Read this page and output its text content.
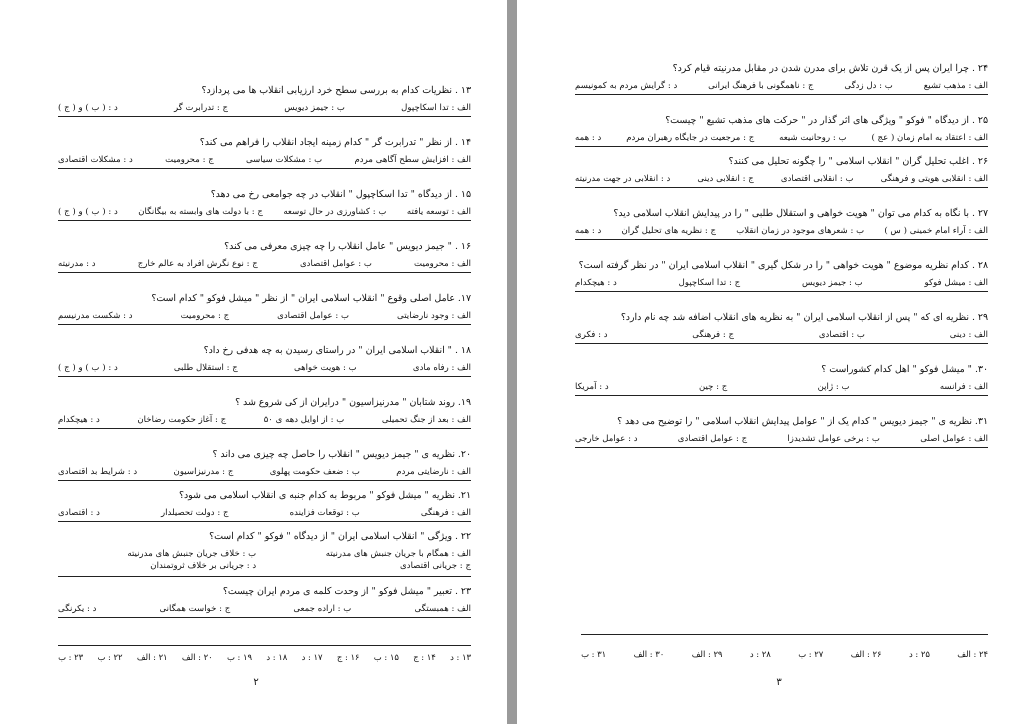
۱۳ . نظریات کدام به بررسی سطح خرد ارزیابی انقلاب ها می پردازد؟
الف : تدا اسکاچپول
ب : جیمز دیویس
ج : تدرابرت گر
د : ( ب ) و ( ج )
۱۴ . از نظر " تدرابرت گر " کدام زمینه ایجاد انقلاب را فراهم می کند؟
الف : افزایش سطح آگاهی مردم
ب : مشکلات سیاسی
ج : محرومیت
د : مشکلات اقتصادی
۱۵ . از دیدگاه " تدا اسکاچپول " انقلاب در چه جوامعی رخ می دهد؟
الف : توسعه یافته
ب : کشاورزی در حال توسعه
ج : با دولت های وابسته به بیگانگان
د : ( ب ) و ( ج )
۱۶ . " جیمز دیویس " عامل انقلاب را چه چیزی معرفی می کند؟
الف : محرومیت
ب : عوامل اقتصادی
ج : نوع نگرش افراد به عالم خارج
د : مدرنیته
۱۷. عامل اصلی وقوع " انقلاب اسلامی ایران " از نظر " میشل فوکو " کدام است؟
الف : وجود نارضایتی
ب : عوامل اقتصادی
ج : محرومیت
د : شکست مدرنیسم
۱۸ . " انقلاب اسلامی ایران " در راستای رسیدن به چه هدفی رخ داد؟
الف : رفاه مادی
ب : هویت خواهی
ج : استقلال طلبی
د : ( ب ) و ( ج )
۱۹. روند شتابان " مدرنیزاسیون " درایران از کی شروع شد ؟
الف : بعد از جنگ تحمیلی
ب : از اوایل دهه ی ۵۰
ج : آغاز حکومت رضاخان
د : هیچکدام
۲۰. نظریه ی " جیمز دیویس " انقلاب را حاصل چه چیزی می داند ؟
الف : نارضایتی مردم
ب : ضعف حکومت پهلوی
ج : مدرنیزاسیون
د : شرایط بد اقتصادی
۲۱. نظریه " میشل فوکو " مربوط به کدام جنبه ی انقلاب اسلامی می شود؟
الف : فرهنگی
ب : توقعات فزاینده
ج : دولت تحصیلدار
د : اقتصادی
۲۲ . ویژگی " انقلاب اسلامی ایران " از دیدگاه " فوکو " کدام است؟
الف : همگام با جریان جنبش های مدرنیته
ب : خلاف جریان جنبش های مدرنیته
ج : جریانی اقتصادی
د : جریانی بر خلاف ثروتمندان
۲۳ . تعبیر " میشل فوکو " از وحدت کلمه ی مردم ایران چیست؟
الف : همبستگی
ب : اراده جمعی
ج : خواست همگانی
د : یکرنگی
۱۳ : د
۱۴ : ج
۱۵ : ب
۱۶ : ج
۱۷ : د
۱۸ : د
۱۹ : ب
۲۰ : الف
۲۱ : الف
۲۲ : ب
۲۳ : ب
۲
۲۴ . چرا ایران پس از یک قرن تلاش برای مدرن شدن در مقابل مدرنیته قیام کرد؟
الف : مذهب تشیع
ب : دل زدگی
ج : ناهمگونی با فرهنگ ایرانی
د : گرایش مردم به کمونیسم
۲۵ . از دیدگاه " فوکو " ویژگی های اثر گذار در " حرکت های مذهب تشیع " چیست؟
الف : اعتقاد به امام زمان ( عج )
ب : روحانیت شیعه
ج : مرجعیت در جایگاه رهبران مردم
د : همه
۲۶ . اغلب تحلیل گران " انقلاب اسلامی " را چگونه تحلیل می کنند؟
الف : انقلابی هویتی و فرهنگی
ب : انقلابی اقتصادی
ج : انقلابی دینی
د : انقلابی در جهت مدرنیته
۲۷ . با نگاه به کدام می توان " هویت خواهی و استقلال طلبی " را در پیدایش انقلاب اسلامی دید؟
الف : آراء امام خمینی ( س )
ب : شعرهای موجود در زمان انقلاب
ج : نظریه های تحلیل گران
د : همه
۲۸ . کدام نظریه موضوع " هویت خواهی " را در شکل گیری " انقلاب اسلامی ایران " در نظر گرفته است؟
الف : میشل فوکو
ب : جیمز دیویس
ج : تدا اسکاچپول
د : هیچکدام
۲۹ . نظریه ای که " پس از انقلاب اسلامی ایران " به نظریه های انقلاب اضافه شد چه نام دارد؟
الف : دینی
ب : اقتصادی
ج : فرهنگی
د : فکری
۳۰. " میشل فوکو " اهل کدام کشوراست ؟
الف : فرانسه
ب : ژاپن
ج : چین
د : آمریکا
۳۱. نظریه ی " جیمز دیویس " کدام یک از " عوامل پیدایش انقلاب اسلامی " را توضیح می دهد ؟
الف : عوامل اصلی
ب : برخی عوامل تشدیدزا
ج : عوامل اقتصادی
د : عوامل خارجی
۲۴ : الف
۲۵ : د
۲۶ : الف
۲۷ : ب
۲۸ : د
۲۹ : الف
۳۰ : الف
۳۱ : ب
۳
